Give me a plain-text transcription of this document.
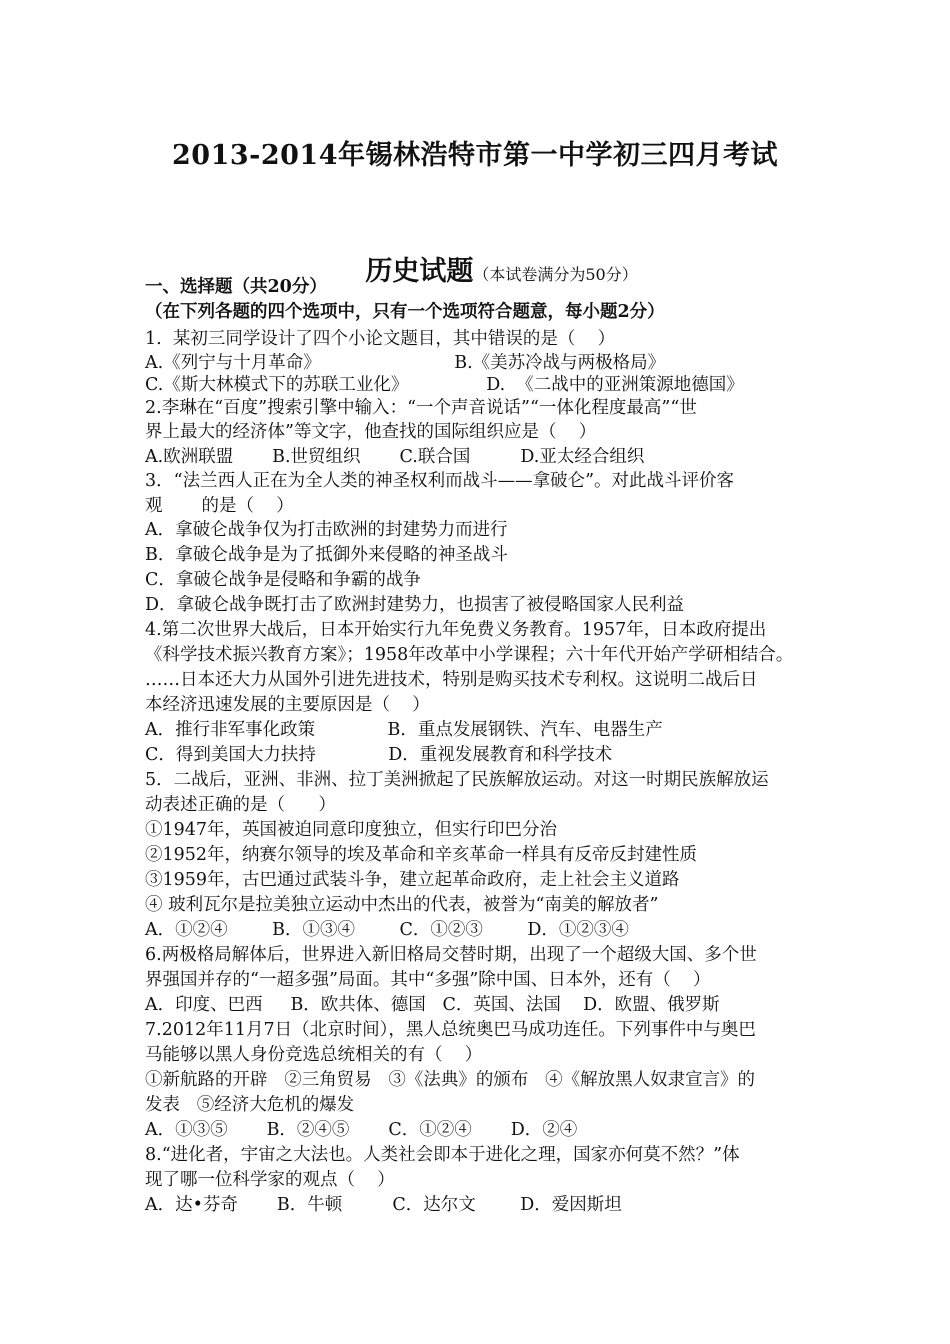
2013-2014年锡林浩特市第一中学初三四月考试

历史试题（本试卷满分为50分）

一、选择题（共20分）
（在下列各题的四个选项中，只有一个选项符合题意，每小题2分）
1.  某初三同学设计了四个小论文题目，其中错误的是（    ）
A.《列宁与十月革命》                        B.《美苏冷战与两极格局》
C.《斯大林模式下的苏联工业化》              D.  《二战中的亚洲策源地德国》
2.李琳在“百度”搜索引擎中输入：“一个声音说话”“一体化程度最高”“世
界上最大的经济体”等文字，他查找的国际组织应是（    ）
A.欧洲联盟       B.世贸组织       C.联合国         D.亚太经合组织
3．“法兰西人正在为全人类的神圣权利而战斗——拿破仑”。对此战斗评价客
观       的是（    ）
A．拿破仑战争仅为打击欧洲的封建势力而进行
B．拿破仑战争是为了抵御外来侵略的神圣战斗
C．拿破仑战争是侵略和争霸的战争
D．拿破仑战争既打击了欧洲封建势力，也损害了被侵略国家人民利益
4.第二次世界大战后，日本开始实行九年免费义务教育。1957年，日本政府提出
《科学技术振兴教育方案》；1958年改革中小学课程；六十年代开始产学研相结合。
……日本还大力从国外引进先进技术，特别是购买技术专利权。这说明二战后日
本经济迅速发展的主要原因是（    ）
A．推行非军事化政策             B．重点发展钢铁、汽车、电器生产
C．得到美国大力扶持             D．重视发展教育和科学技术
5．二战后，亚洲、非洲、拉丁美洲掀起了民族解放运动。对这一时期民族解放运
动表述正确的是（      ）
①1947年，英国被迫同意印度独立，但实行印巴分治
②1952年，纳赛尔领导的埃及革命和辛亥革命一样具有反帝反封建性质
③1959年，古巴通过武装斗争，建立起革命政府，走上社会主义道路
④ 玻利瓦尔是拉美独立运动中杰出的代表，被誉为“南美的解放者”
A．①②④        B．①③④        C．①②③        D．①②③④
6.两极格局解体后，世界进入新旧格局交替时期，出现了一个超级大国、多个世
界强国并存的“一超多强”局面。其中“多强”除中国、日本外，还有（    ）
A．印度、巴西     B．欧共体、德国   C．英国、法国    D．欧盟、俄罗斯
7.2012年11月7日（北京时间），黑人总统奥巴马成功连任。下列事件中与奥巴
马能够以黑人身份竞选总统相关的有（    ）
①新航路的开辟   ②三角贸易   ③《法典》的颁布   ④《解放黑人奴隶宣言》的
发表   ⑤经济大危机的爆发
A．①③⑤       B．②④⑤       C．①②④       D．②④
8.“进化者，宇宙之大法也。人类社会即本于进化之理，国家亦何莫不然？”体
现了哪一位科学家的观点（    ）
A．达•芬奇       B．牛顿         C．达尔文        D．爱因斯坦
